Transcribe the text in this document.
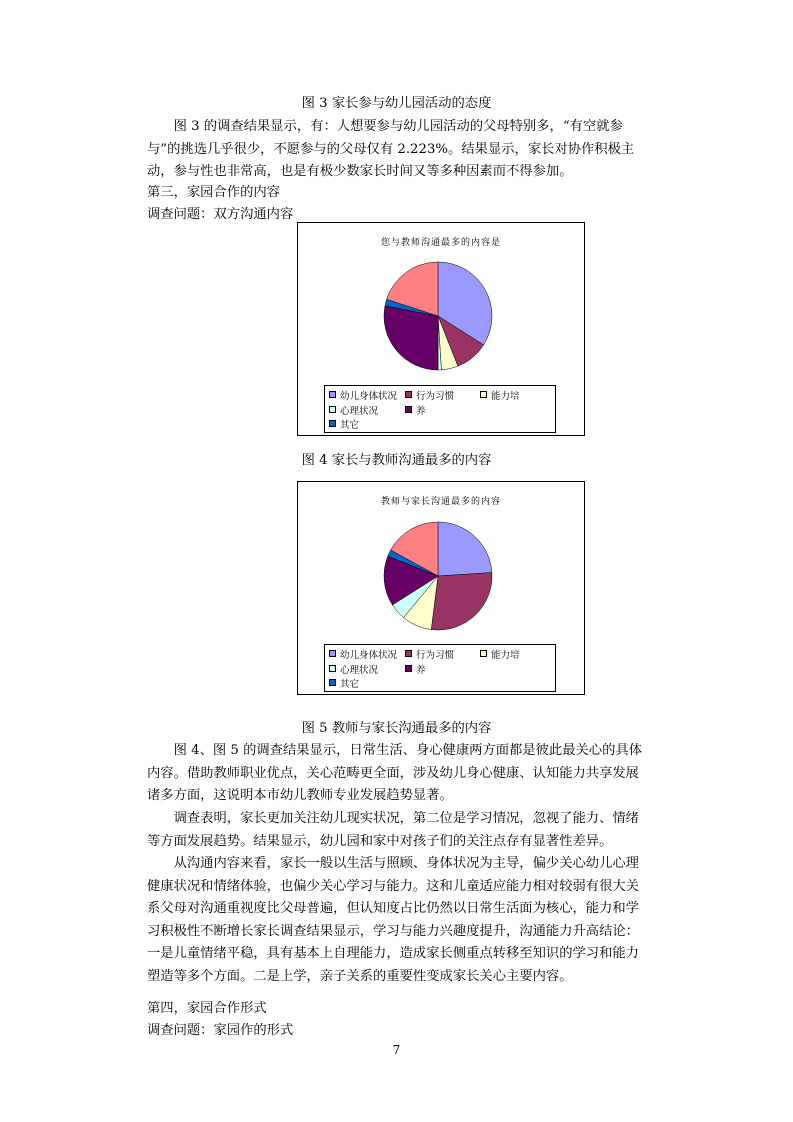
图 3 家长参与幼儿园活动的态度
图 3 的调查结果显示，有：人想要参与幼儿园活动的父母特别多，“有空就参与”的挑选几乎很少，不愿参与的父母仅有 2.223%。结果显示，家长对协作积极主动，参与性也非常高，也是有极少数家长时间又等多种因素而不得参加。
第三，家园合作的内容
调查问题：双方沟通内容
您与教师沟通最多的内容是
幼儿身体状况 行为习惯	能力培
心理状况	养
其它
图 4 家长与教师沟通最多的内容
教师与家长沟通最多的内容
幼儿身体状况 行为习惯	能力培
心理状况	养
其它
图 5 教师与家长沟通最多的内容
图 4、图 5 的调查结果显示，日常生活、身心健康两方面都是彼此最关心的具体内容。借助教师职业优点，关心范畴更全面，涉及幼儿身心健康、认知能力共享发展诸多方面，这说明本市幼儿教师专业发展趋势显著。
调查表明，家长更加关注幼儿现实状况，第二位是学习情况，忽视了能力、情绪等方面发展趋势。结果显示，幼儿园和家中对孩子们的关注点存有显著性差异。
从沟通内容来看，家长一般以生活与照顾、身体状况为主导，偏少关心幼儿心理健康状况和情绪体验，也偏少关心学习与能力。这和儿童适应能力相对较弱有很大关系父母对沟通重视度比父母普遍，但认知度占比仍然以日常生活面为核心，能力和学习积极性不断增长家长调查结果显示，学习与能力兴趣度提升，沟通能力升高结论：一是儿童情绪平稳，具有基本上自理能力，造成家长侧重点转移至知识的学习和能力塑造等多个方面。二是上学，亲子关系的重要性变成家长关心主要内容。
第四，家园合作形式
调查问题：家园作的形式
7
